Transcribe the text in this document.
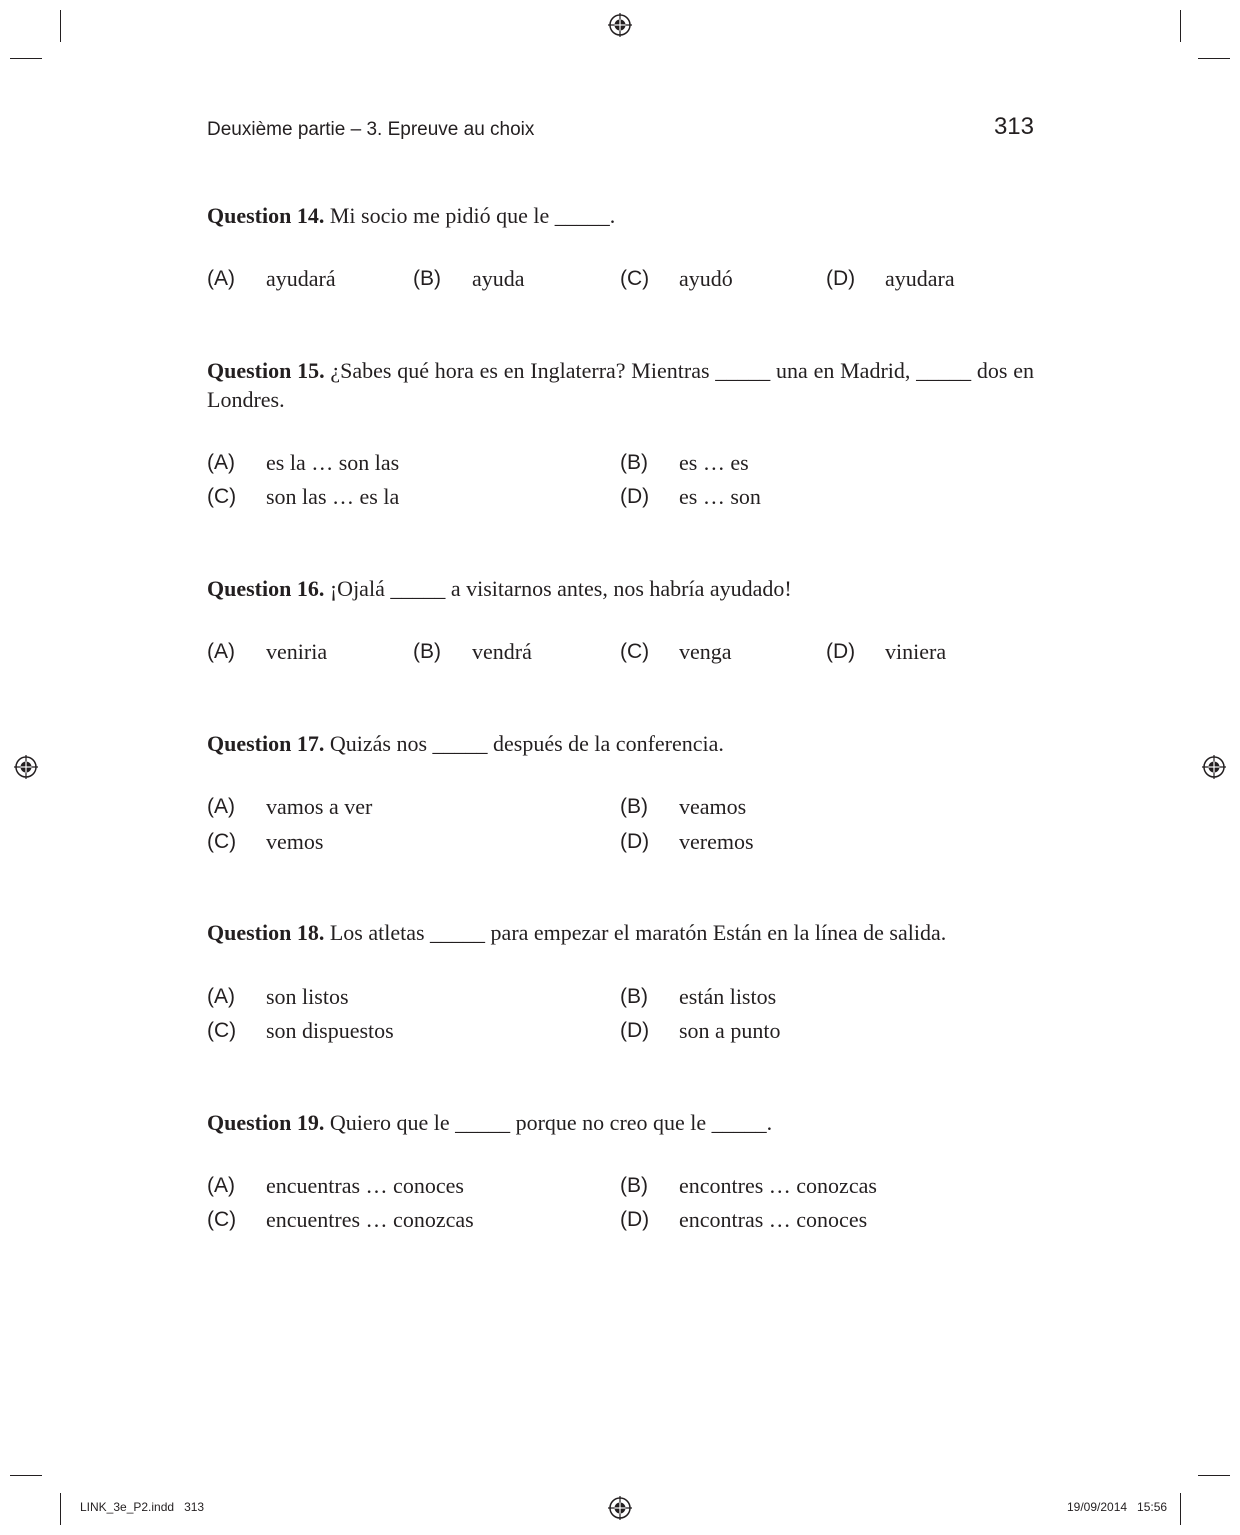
Deuxième partie – 3. Epreuve au choix	313

Question 14. Mi socio me pidió que le _____.

(A) ayudará	(B) ayuda	(C) ayudó	(D) ayudara

Question 15. ¿Sabes qué hora es en Inglaterra? Mientras _____ una en Madrid, _____ dos en Londres.

(A) es la … son las	(B) es … es
(C) son las … es la	(D) es … son

Question 16. ¡Ojalá _____ a visitarnos antes, nos habría ayudado!

(A) veniria	(B) vendrá	(C) venga	(D) viniera

Question 17. Quizás nos _____ después de la conferencia.

(A) vamos a ver	(B) veamos
(C) vemos	(D) veremos

Question 18. Los atletas _____ para empezar el maratón Están en la línea de salida.

(A) son listos	(B) están listos
(C) son dispuestos	(D) son a punto

Question 19. Quiero que le _____ porque no creo que le _____.

(A) encuentras … conoces	(B) encontres … conozcas
(C) encuentres … conozcas	(D) encontras … conoces
LINK_3e_P2.indd   313	19/09/2014   15:56
